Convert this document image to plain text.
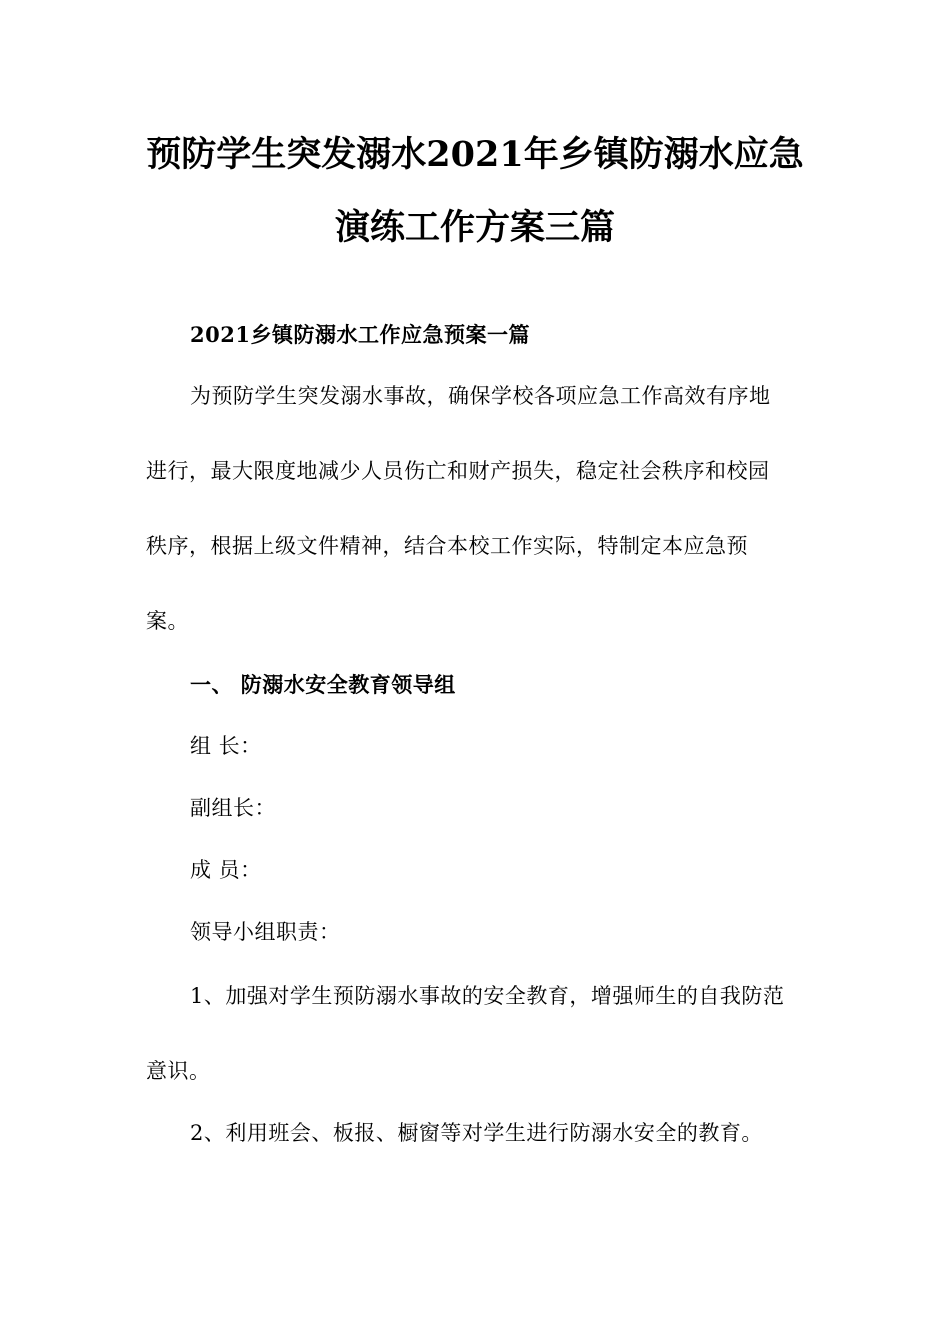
预防学生突发溺水2021年乡镇防溺水应急
演练工作方案三篇
2021乡镇防溺水工作应急预案一篇
为预防学生突发溺水事故，确保学校各项应急工作高效有序地
进行，最大限度地减少人员伤亡和财产损失，稳定社会秩序和校园
秩序，根据上级文件精神，结合本校工作实际，特制定本应急预
案。
一、 防溺水安全教育领导组
组 长：
副组长：
成 员：
领导小组职责：
1、加强对学生预防溺水事故的安全教育，增强师生的自我防范
意识。
2、利用班会、板报、橱窗等对学生进行防溺水安全的教育。
